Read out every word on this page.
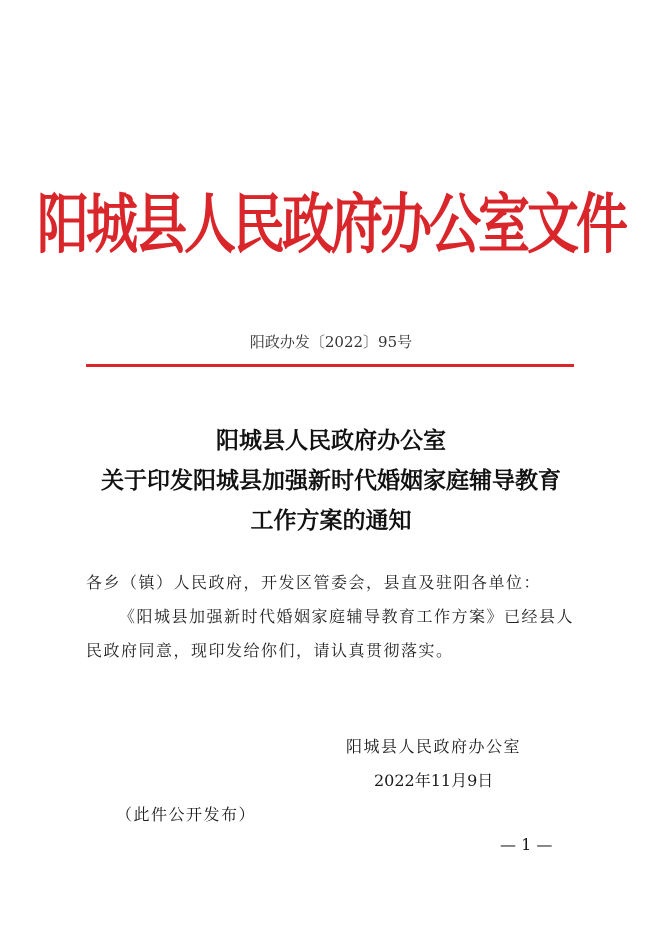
阳城县人民政府办公室文件
阳政办发〔2022〕95号
阳城县人民政府办公室
关于印发阳城县加强新时代婚姻家庭辅导教育
工作方案的通知
各乡（镇）人民政府，开发区管委会，县直及驻阳各单位：
《阳城县加强新时代婚姻家庭辅导教育工作方案》已经县人民政府同意，现印发给你们，请认真贯彻落实。
阳城县人民政府办公室
2022年11月9日
（此件公开发布）
— 1 —
